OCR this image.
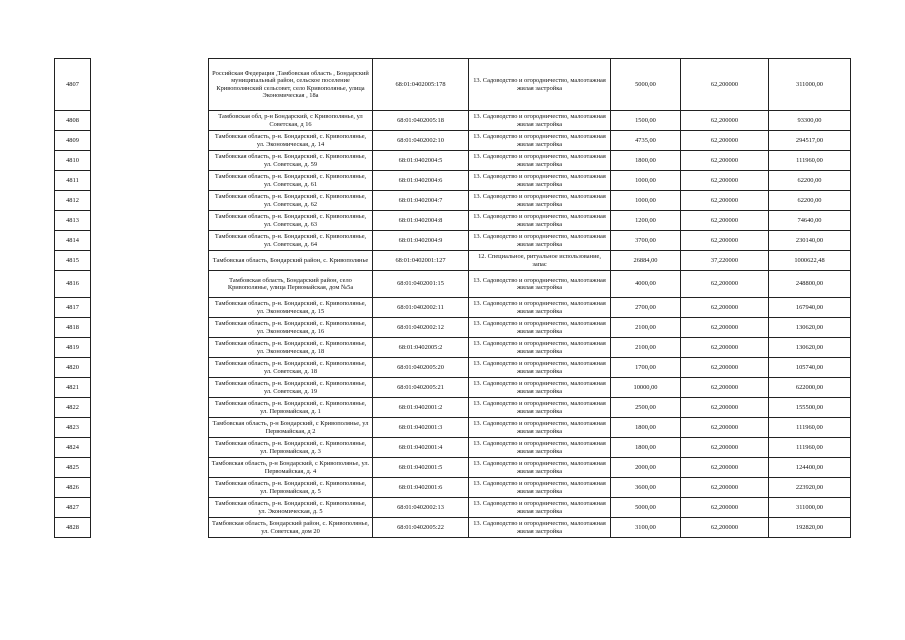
4807		Российская Федерация ,Тамбовская область , Бондарский муниципальный район, сельское поселение Кривополянский сельсовет, село Кривополянье, улица Экономическая , 18а	68:01:0402005:178	13. Садоводство и огородничество, малоэтажная жилая застройка	5000,00	62,200000	311000,00
4808		Тамбовская обл, р-н Бондарский, с Кривополянье, ул Советская, д 16	68:01:0402005:18	13. Садоводство и огородничество, малоэтажная жилая застройка	1500,00	62,200000	93300,00
4809		Тамбовская область, р-н. Бондарский, с. Кривополянье, ул. Экономическая, д. 14	68:01:0402002:10	13. Садоводство и огородничество, малоэтажная жилая застройка	4735,00	62,200000	294517,00
4810		Тамбовская область, р-н. Бондарский, с. Кривополянье, ул. Советская, д. 59	68:01:0402004:5	13. Садоводство и огородничество, малоэтажная жилая застройка	1800,00	62,200000	111960,00
4811		Тамбовская область, р-н. Бондарский, с. Кривополянье, ул. Советская, д. 61	68:01:0402004:6	13. Садоводство и огородничество, малоэтажная жилая застройка	1000,00	62,200000	62200,00
4812		Тамбовская область, р-н. Бондарский, с. Кривополянье, ул. Советская, д. 62	68:01:0402004:7	13. Садоводство и огородничество, малоэтажная жилая застройка	1000,00	62,200000	62200,00
4813		Тамбовская область, р-н. Бондарский, с. Кривополянье, ул. Советская, д. 63	68:01:0402004:8	13. Садоводство и огородничество, малоэтажная жилая застройка	1200,00	62,200000	74640,00
4814		Тамбовская область, р-н. Бондарский, с. Кривополянье, ул. Советская, д. 64	68:01:0402004:9	13. Садоводство и огородничество, малоэтажная жилая застройка	3700,00	62,200000	230140,00
4815		Тамбовская область, Бондарский район, с. Кривополянье	68:01:0402001:127	12. Специальное, ритуальное использование, запас	26884,00	37,220000	1000622,48
4816		Тамбовская область, Бондарский район, село Кривополянье, улица Первомайская, дом №5а	68:01:0402001:15	13. Садоводство и огородничество, малоэтажная жилая застройка	4000,00	62,200000	248800,00
4817		Тамбовская область, р-н. Бондарский, с. Кривополянье, ул. Экономическая, д. 15	68:01:0402002:11	13. Садоводство и огородничество, малоэтажная жилая застройка	2700,00	62,200000	167940,00
4818		Тамбовская область, р-н. Бондарский, с. Кривополянье, ул. Экономическая, д. 16	68:01:0402002:12	13. Садоводство и огородничество, малоэтажная жилая застройка	2100,00	62,200000	130620,00
4819		Тамбовская область, р-н. Бондарский, с. Кривополянье, ул. Экономическая, д. 18	68:01:0402005:2	13. Садоводство и огородничество, малоэтажная жилая застройка	2100,00	62,200000	130620,00
4820		Тамбовская область, р-н. Бондарский, с. Кривополянье, ул. Советская, д. 18	68:01:0402005:20	13. Садоводство и огородничество, малоэтажная жилая застройка	1700,00	62,200000	105740,00
4821		Тамбовская область, р-н. Бондарский, с. Кривополянье, ул. Советская, д. 19	68:01:0402005:21	13. Садоводство и огородничество, малоэтажная жилая застройка	10000,00	62,200000	622000,00
4822		Тамбовская область, р-н. Бондарский, с. Кривополянье, ул. Первомайская, д. 1	68:01:0402001:2	13. Садоводство и огородничество, малоэтажная жилая застройка	2500,00	62,200000	155500,00
4823		Тамбовская область, р-н Бондарский, с Кривополянье, ул Первомайская, д 2	68:01:0402001:3	13. Садоводство и огородничество, малоэтажная жилая застройка	1800,00	62,200000	111960,00
4824		Тамбовская область, р-н. Бондарский, с. Кривополянье, ул. Первомайская, д. 3	68:01:0402001:4	13. Садоводство и огородничество, малоэтажная жилая застройка	1800,00	62,200000	111960,00
4825		Тамбовская область, р-н Бондарский, с Кривополянье, ул. Первомайская, д. 4	68:01:0402001:5	13. Садоводство и огородничество, малоэтажная жилая застройка	2000,00	62,200000	124400,00
4826		Тамбовская область, р-н. Бондарский, с. Кривополянье, ул. Первомайская, д. 5	68:01:0402001:6	13. Садоводство и огородничество, малоэтажная жилая застройка	3600,00	62,200000	223920,00
4827		Тамбовская область, р-н. Бондарский, с. Кривополянье, ул. Экономическая, д. 5	68:01:0402002:13	13. Садоводство и огородничество, малоэтажная жилая застройка	5000,00	62,200000	311000,00
4828		Тамбовская область, Бондарский район, с. Кривополянье, ул. Советская, дом 20	68:01:0402005:22	13. Садоводство и огородничество, малоэтажная жилая застройка	3100,00	62,200000	192820,00
